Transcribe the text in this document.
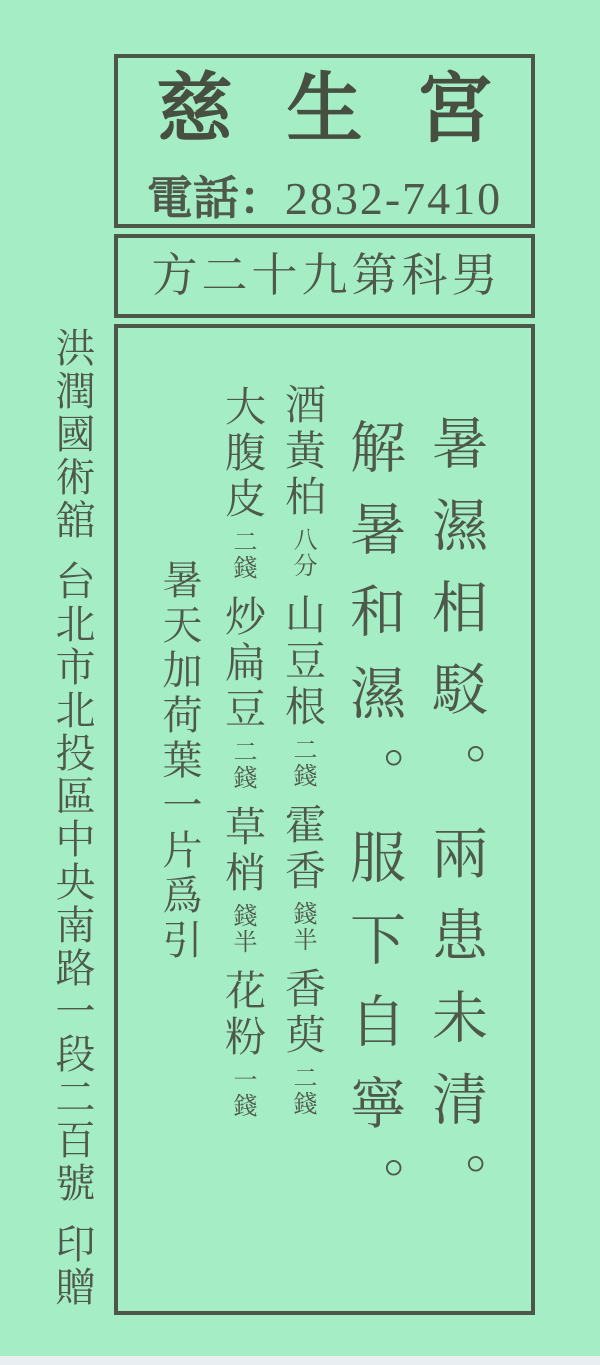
慈生宮
電話：2832-7410
方二十九第科男
暑濕相駁。兩患未清。
解暑和濕。服下自寧。
酒黃柏八分山豆根二錢霍香錢半香萸二錢
大腹皮二錢炒扁豆二錢草梢錢半花粉一錢
暑天加荷葉一片爲引
洪潤國術舘台北市北投區中央南路一段二百號印贈
